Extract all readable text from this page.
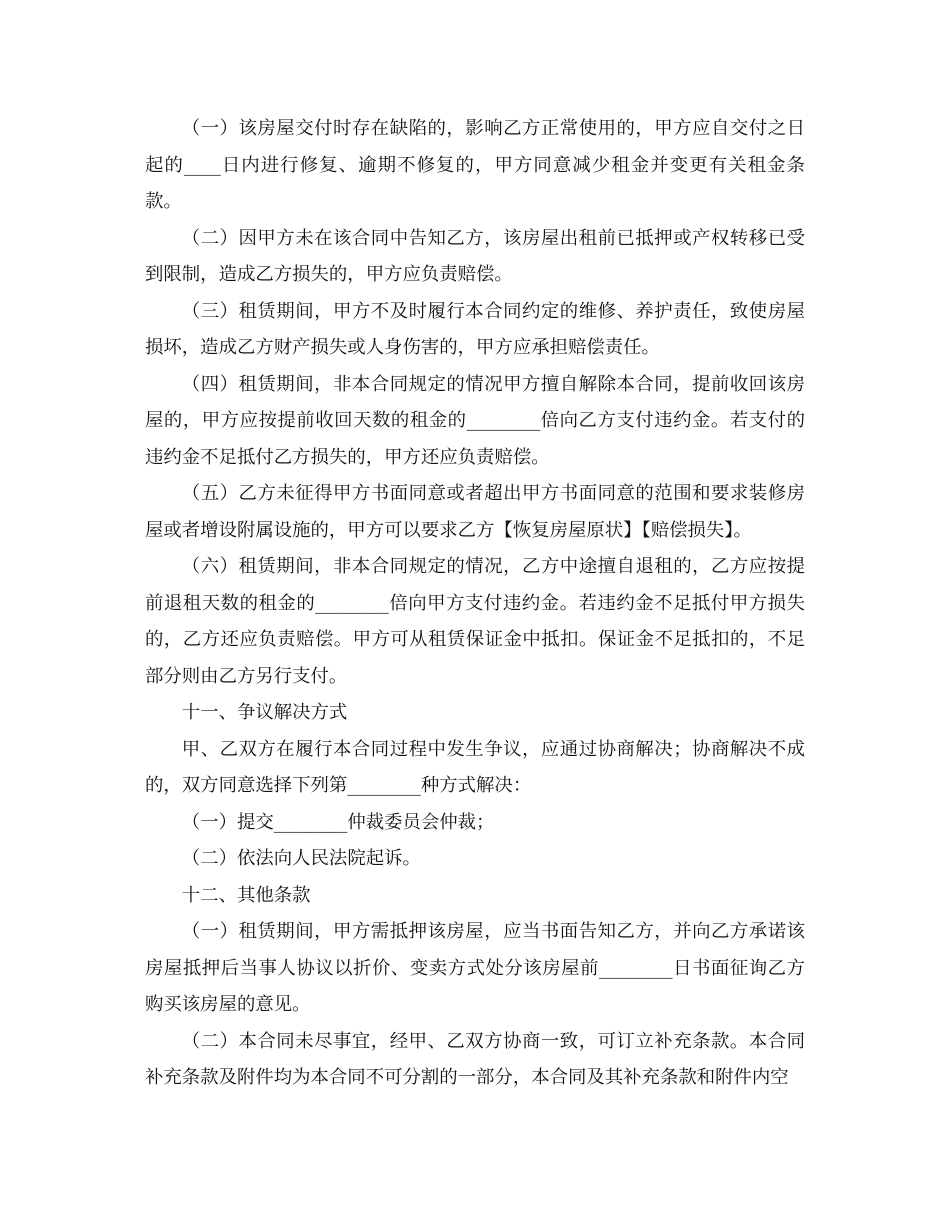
（一）该房屋交付时存在缺陷的，影响乙方正常使用的，甲方应自交付之日起的____日内进行修复、逾期不修复的，甲方同意减少租金并变更有关租金条款。

（二）因甲方未在该合同中告知乙方，该房屋出租前已抵押或产权转移已受到限制，造成乙方损失的，甲方应负责赔偿。

（三）租赁期间，甲方不及时履行本合同约定的维修、养护责任，致使房屋损坏，造成乙方财产损失或人身伤害的，甲方应承担赔偿责任。

（四）租赁期间，非本合同规定的情况甲方擅自解除本合同，提前收回该房屋的，甲方应按提前收回天数的租金的________倍向乙方支付违约金。若支付的违约金不足抵付乙方损失的，甲方还应负责赔偿。

（五）乙方未征得甲方书面同意或者超出甲方书面同意的范围和要求装修房屋或者增设附属设施的，甲方可以要求乙方【恢复房屋原状】【赔偿损失】。

（六）租赁期间，非本合同规定的情况，乙方中途擅自退租的，乙方应按提前退租天数的租金的________倍向甲方支付违约金。若违约金不足抵付甲方损失的，乙方还应负责赔偿。甲方可从租赁保证金中抵扣。保证金不足抵扣的，不足部分则由乙方另行支付。

十一、争议解决方式

甲、乙双方在履行本合同过程中发生争议，应通过协商解决；协商解决不成的，双方同意选择下列第________种方式解决：

（一）提交________仲裁委员会仲裁；

（二）依法向人民法院起诉。

十二、其他条款

（一）租赁期间，甲方需抵押该房屋，应当书面告知乙方，并向乙方承诺该房屋抵押后当事人协议以折价、变卖方式处分该房屋前________日书面征询乙方购买该房屋的意见。

（二）本合同未尽事宜，经甲、乙双方协商一致，可订立补充条款。本合同补充条款及附件均为本合同不可分割的一部分，本合同及其补充条款和附件内空
